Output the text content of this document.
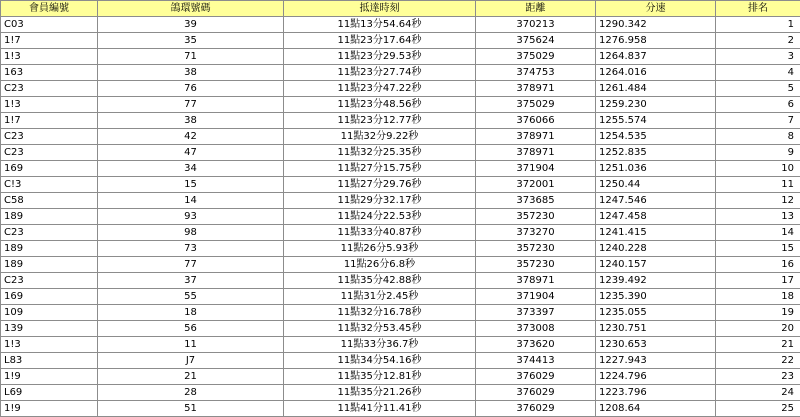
會員編號	鴿環號碼	抵達時刻	距離	分速	排名
C03	39	11點13分54.64秒	370213	1290.342	1
1!7	35	11點23分17.64秒	375624	1276.958	2
1!3	71	11點23分29.53秒	375029	1264.837	3
163	38	11點23分27.74秒	374753	1264.016	4
C23	76	11點23分47.22秒	378971	1261.484	5
1!3	77	11點23分48.56秒	375029	1259.230	6
1!7	38	11點23分12.77秒	376066	1255.574	7
C23	42	11點32分9.22秒	378971	1254.535	8
C23	47	11點32分25.35秒	378971	1252.835	9
169	34	11點27分15.75秒	371904	1251.036	10
C!3	15	11點27分29.76秒	372001	1250.44	11
C58	14	11點29分32.17秒	373685	1247.546	12
189	93	11點24分22.53秒	357230	1247.458	13
C23	98	11點33分40.87秒	373270	1241.415	14
189	73	11點26分5.93秒	357230	1240.228	15
189	77	11點26分6.8秒	357230	1240.157	16
C23	37	11點35分42.88秒	378971	1239.492	17
169	55	11點31分2.45秒	371904	1235.390	18
109	18	11點32分16.78秒	373397	1235.055	19
139	56	11點32分53.45秒	373008	1230.751	20
1!3	11	11點33分36.7秒	373620	1230.653	21
L83	J7	11點34分54.16秒	374413	1227.943	22
1!9	21	11點35分12.81秒	376029	1224.796	23
L69	28	11點35分21.26秒	376029	1223.796	24
1!9	51	11點41分11.41秒	376029	1208.64	25
